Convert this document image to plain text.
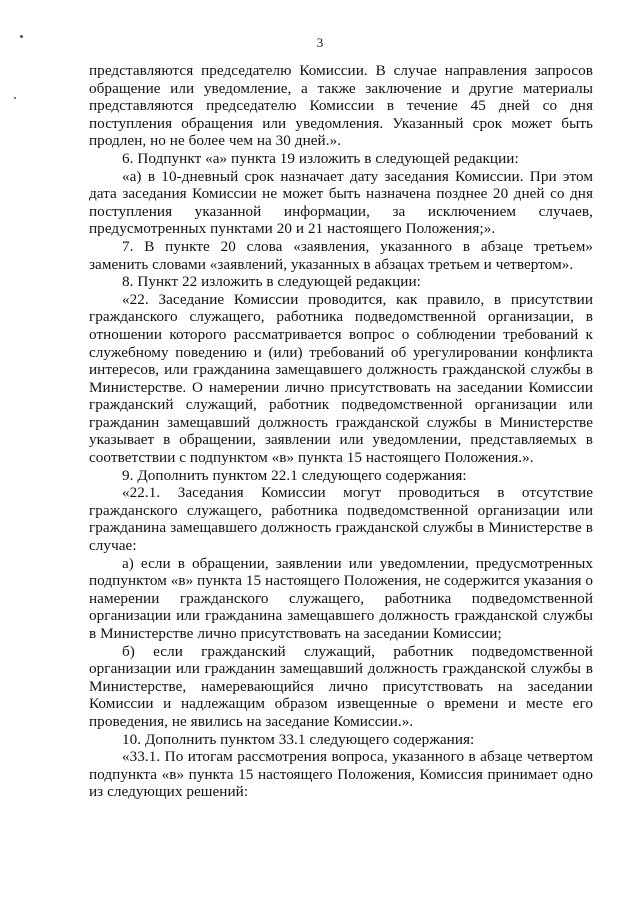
3

представляются председателю Комиссии. В случае направления запросов обращение или уведомление, а также заключение и другие материалы представляются председателю Комиссии в течение 45 дней со дня поступления обращения или уведомления. Указанный срок может быть продлен, но не более чем на 30 дней.».

6. Подпункт «а» пункта 19 изложить в следующей редакции:

«а) в 10-дневный срок назначает дату заседания Комиссии. При этом дата заседания Комиссии не может быть назначена позднее 20 дней со дня поступления указанной информации, за исключением случаев, предусмотренных пунктами 20 и 21 настоящего Положения;».

7. В пункте 20 слова «заявления, указанного в абзаце третьем» заменить словами «заявлений, указанных в абзацах третьем и четвертом».

8. Пункт 22 изложить в следующей редакции:

«22. Заседание Комиссии проводится, как правило, в присутствии гражданского служащего, работника подведомственной организации, в отношении которого рассматривается вопрос о соблюдении требований к служебному поведению и (или) требований об урегулировании конфликта интересов, или гражданина замещавшего должность гражданской службы в Министерстве. О намерении лично присутствовать на заседании Комиссии гражданский служащий, работник подведомственной организации или гражданин замещавший должность гражданской службы в Министерстве указывает в обращении, заявлении или уведомлении, представляемых в соответствии с подпунктом «в» пункта 15 настоящего Положения.».

9. Дополнить пунктом 22.1 следующего содержания:

«22.1. Заседания Комиссии могут проводиться в отсутствие гражданского служащего, работника подведомственной организации или гражданина замещавшего должность гражданской службы в Министерстве в случае:

а) если в обращении, заявлении или уведомлении, предусмотренных подпунктом «в» пункта 15 настоящего Положения, не содержится указания о намерении гражданского служащего, работника подведомственной организации или гражданина замещавшего должность гражданской службы в Министерстве лично присутствовать на заседании Комиссии;

б) если гражданский служащий, работник подведомственной организации или гражданин замещавший должность гражданской службы в Министерстве, намеревающийся лично присутствовать на заседании Комиссии и надлежащим образом извещенные о времени и месте его проведения, не явились на заседание Комиссии.».

10. Дополнить пунктом 33.1 следующего содержания:

«33.1. По итогам рассмотрения вопроса, указанного в абзаце четвертом подпункта «в» пункта 15 настоящего Положения, Комиссия принимает одно из следующих решений:
